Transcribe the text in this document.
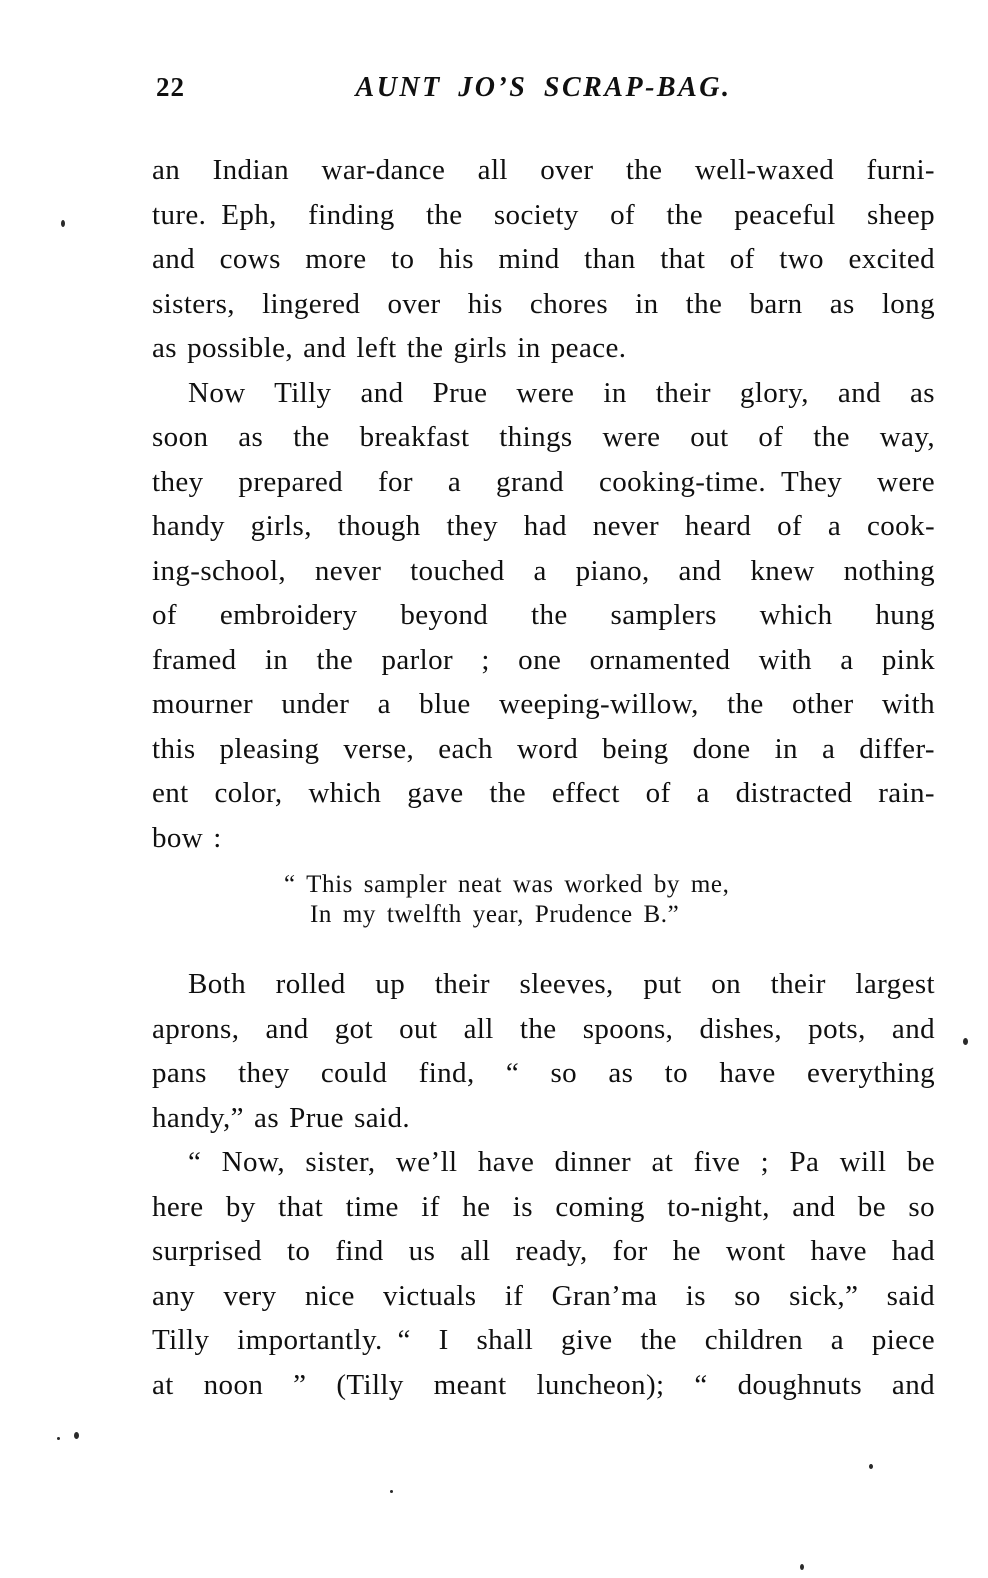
22	AUNT JO’S SCRAP-BAG.
an Indian war-dance all over the well-waxed furni-
ture. Eph, finding the society of the peaceful sheep
and cows more to his mind than that of two excited
sisters, lingered over his chores in the barn as long
as possible, and left the girls in peace.
Now Tilly and Prue were in their glory, and as
soon as the breakfast things were out of the way,
they prepared for a grand cooking-time. They were
handy girls, though they had never heard of a cook-
ing-school, never touched a piano, and knew nothing
of embroidery beyond the samplers which hung
framed in the parlor ; one ornamented with a pink
mourner under a blue weeping-willow, the other with
this pleasing verse, each word being done in a differ-
ent color, which gave the effect of a distracted rain-
bow :
“ This sampler neat was worked by me,
In my twelfth year, Prudence B.”
Both rolled up their sleeves, put on their largest
aprons, and got out all the spoons, dishes, pots, and
pans they could find, “ so as to have everything
handy,” as Prue said.
“ Now, sister, we’ll have dinner at five ; Pa will be
here by that time if he is coming to-night, and be so
surprised to find us all ready, for he wont have had
any very nice victuals if Gran’ma is so sick,” said
Tilly importantly. “ I shall give the children a piece
at noon ” (Tilly meant luncheon); “ doughnuts and
